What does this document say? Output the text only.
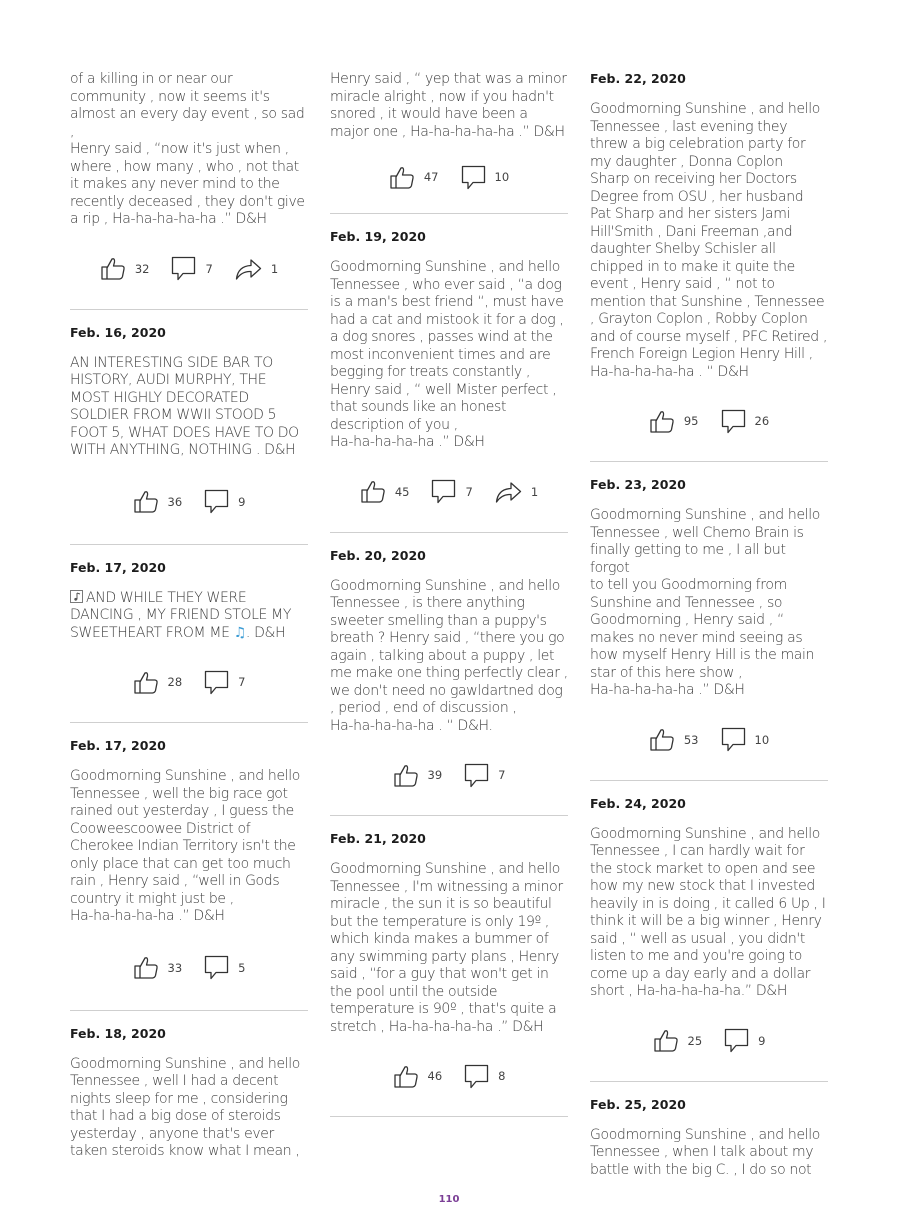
of a killing in or near our
community , now it seems it's
almost an every day event , so sad ,
Henry said , “now it's just when ,
where , how many , who , not that
it makes any never mind to the
recently deceased , they don't give
a rip , Ha-ha-ha-ha-ha .” D&H

32	7	1

Feb. 16, 2020

AN INTERESTING SIDE BAR TO
HISTORY, AUDI MURPHY, THE
MOST HIGHLY DECORATED
SOLDIER FROM WWII STOOD 5
FOOT 5, WHAT DOES HAVE TO DO
WITH ANYTHING, NOTHING . D&H

36	9

Feb. 17, 2020

AND WHILE THEY WERE
DANCING , MY FRIEND STOLE MY
SWEETHEART FROM ME ♫. D&H

28	7

Feb. 17, 2020

Goodmorning Sunshine , and hello
Tennessee , well the big race got
rained out yesterday , I guess the
Cooweescoowee District of
Cherokee Indian Territory isn't the
only place that can get too much
rain , Henry said , “well in Gods
country it might just be ,
Ha-ha-ha-ha-ha .” D&H

33	5

Feb. 18, 2020

Goodmorning Sunshine , and hello
Tennessee , well I had a decent
nights sleep for me , considering
that I had a big dose of steroids
yesterday , anyone that's ever
taken steroids know what I mean ,

Henry said , “ yep that was a minor
miracle alright , now if you hadn't
snored , it would have been a
major one , Ha-ha-ha-ha-ha .” D&H

47	10

Feb. 19, 2020

Goodmorning Sunshine , and hello
Tennessee , who ever said , “a dog
is a man's best friend “, must have
had a cat and mistook it for a dog ,
a dog snores , passes wind at the
most inconvenient times and are
begging for treats constantly ,
Henry said , “ well Mister perfect ,
that sounds like an honest
description of you ,
Ha-ha-ha-ha-ha .” D&H

45	7	1

Feb. 20, 2020

Goodmorning Sunshine , and hello
Tennessee , is there anything
sweeter smelling than a puppy's
breath ? Henry said , “there you go
again , talking about a puppy , let
me make one thing perfectly clear ,
we don't need no gawldartned dog
, period , end of discussion ,
Ha-ha-ha-ha-ha . “ D&H.

39	7

Feb. 21, 2020

Goodmorning Sunshine , and hello
Tennessee , I'm witnessing a minor
miracle , the sun it is so beautiful
but the temperature is only 19º ,
which kinda makes a bummer of
any swimming party plans , Henry
said , “for a guy that won't get in
the pool until the outside
temperature is 90º , that's quite a
stretch , Ha-ha-ha-ha-ha .” D&H

46	8

Feb. 22, 2020

Goodmorning Sunshine , and hello
Tennessee , last evening they
threw a big celebration party for
my daughter , Donna Coplon
Sharp on receiving her Doctors
Degree from OSU , her husband
Pat Sharp and her sisters Jami
Hill'Smith , Dani Freeman ,and
daughter Shelby Schisler all
chipped in to make it quite the
event , Henry said , “ not to
mention that Sunshine , Tennessee
, Grayton Coplon , Robby Coplon
and of course myself , PFC Retired ,
French Foreign Legion Henry Hill ,
Ha-ha-ha-ha-ha . “ D&H

95	26

Feb. 23, 2020

Goodmorning Sunshine , and hello
Tennessee , well Chemo Brain is
finally getting to me , I all but forgot
to tell you Goodmorning from
Sunshine and Tennessee , so
Goodmorning , Henry said , “
makes no never mind seeing as
how myself Henry Hill is the main
star of this here show ,
Ha-ha-ha-ha-ha .” D&H

53	10

Feb. 24, 2020

Goodmorning Sunshine , and hello
Tennessee , I can hardly wait for
the stock market to open and see
how my new stock that I invested
heavily in is doing , it called 6 Up , I
think it will be a big winner , Henry
said , “ well as usual , you didn't
listen to me and you're going to
come up a day early and a dollar
short , Ha-ha-ha-ha-ha.” D&H

25	9

Feb. 25, 2020

Goodmorning Sunshine , and hello
Tennessee , when I talk about my
battle with the big C. , I do so not

110
